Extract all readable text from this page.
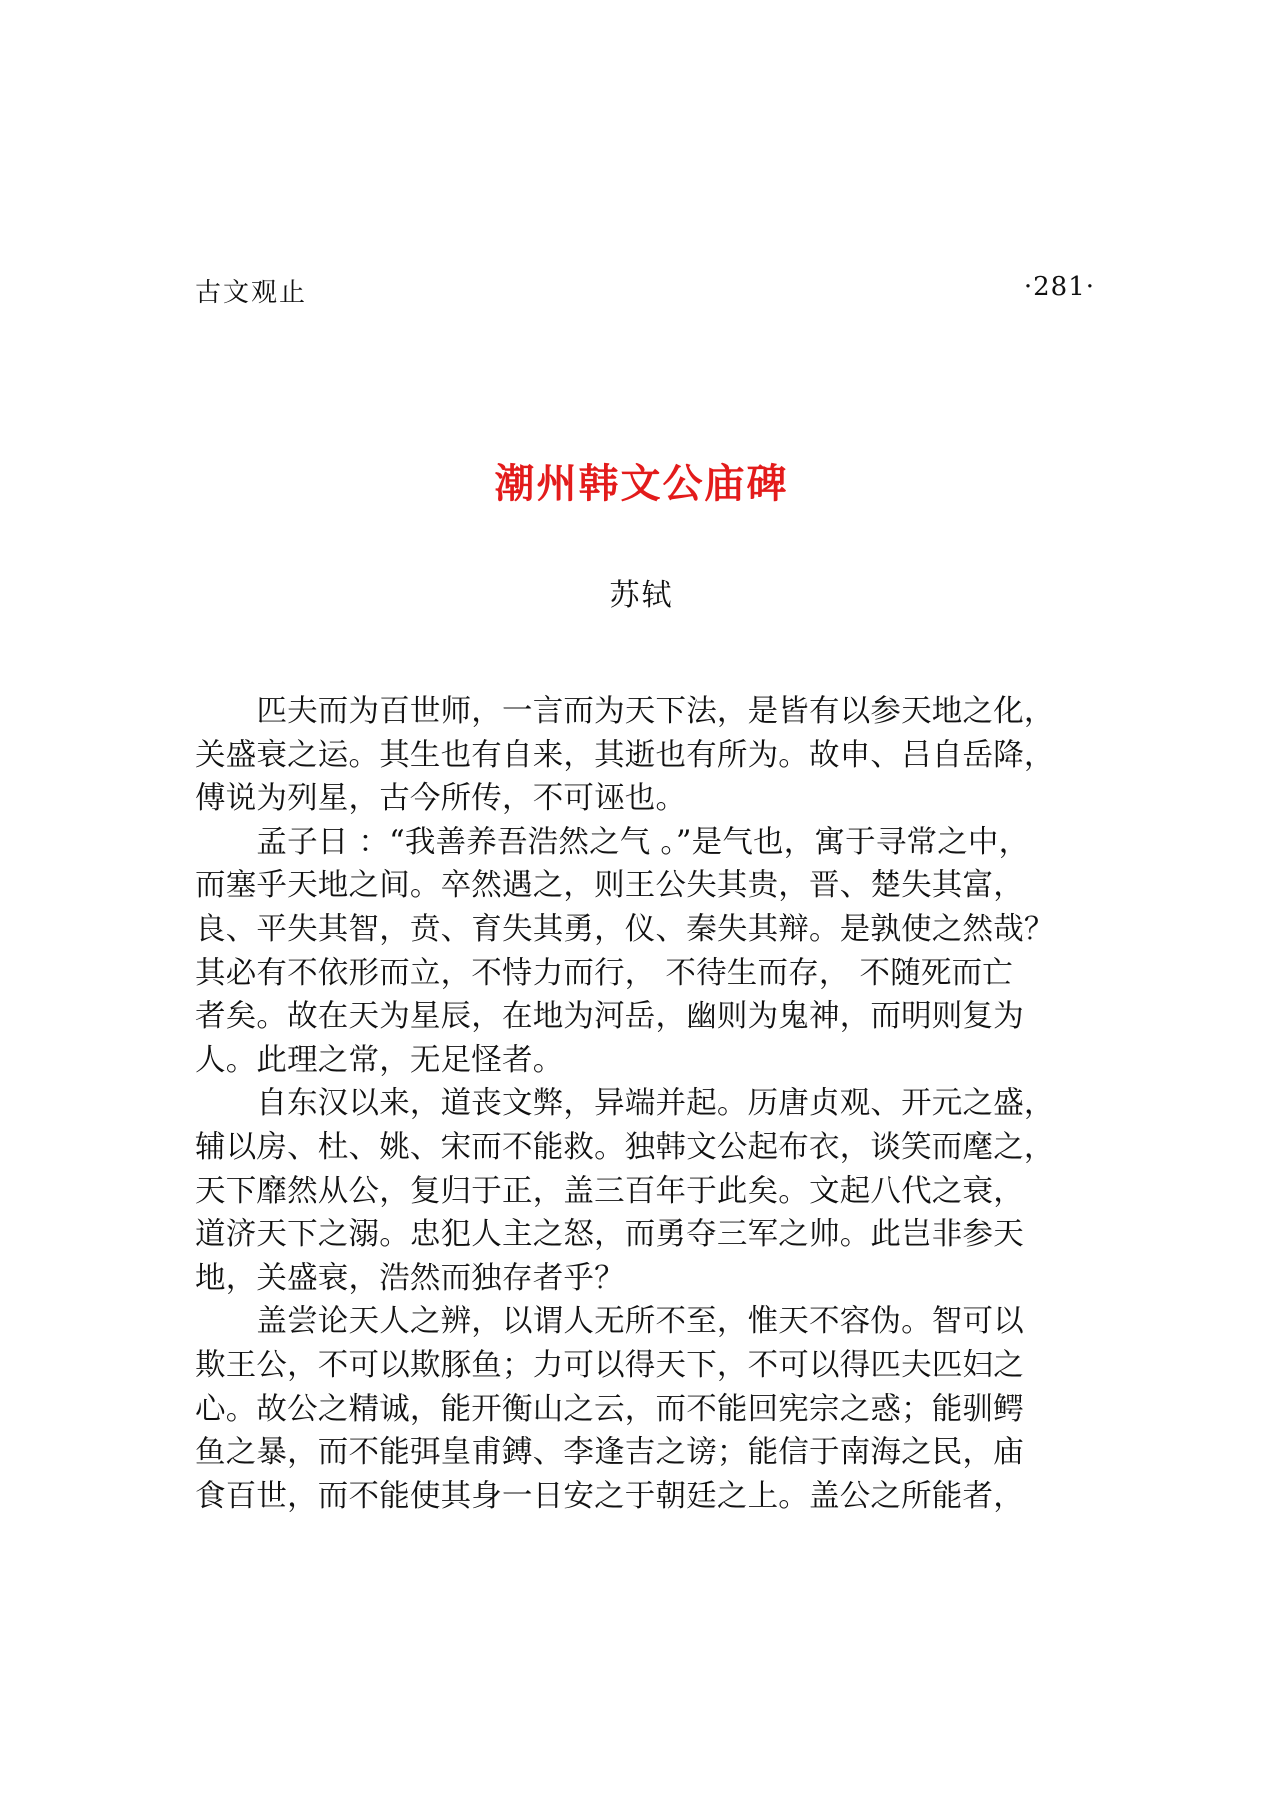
古文观止	·281·
潮州韩文公庙碑
苏轼

　　匹夫而为百世师，一言而为天下法，是皆有以参天地之化，
关盛衰之运。其生也有自来，其逝也有所为。故申、吕自岳降，
傅说为列星，古今所传，不可诬也。

　　孟子日 ：“我善养吾浩然之气 。”是气也，寓于寻常之中，
而塞乎天地之间。卒然遇之，则王公失其贵，晋、楚失其富，
良、平失其智，贲、育失其勇，仪、秦失其辩。是孰使之然哉？
其必有不依形而立，不恃力而行， 不待生而存， 不随死而亡
者矣。故在天为星辰，在地为河岳，幽则为鬼神，而明则复为
人。此理之常，无足怪者。

　　自东汉以来，道丧文弊，异端并起。历唐贞观、开元之盛，
辅以房、杜、姚、宋而不能救。独韩文公起布衣，谈笑而麾之，
天下靡然从公，复归于正，盖三百年于此矣。文起八代之衰，
道济天下之溺。忠犯人主之怒，而勇夺三军之帅。此岂非参天
地，关盛衰，浩然而独存者乎？

　　盖尝论天人之辨，以谓人无所不至，惟天不容伪。智可以
欺王公，不可以欺豚鱼；力可以得天下，不可以得匹夫匹妇之
心。故公之精诚，能开衡山之云，而不能回宪宗之惑；能驯鳄
鱼之暴，而不能弭皇甫鎛、李逢吉之谤；能信于南海之民，庙
食百世，而不能使其身一日安之于朝廷之上。盖公之所能者，
